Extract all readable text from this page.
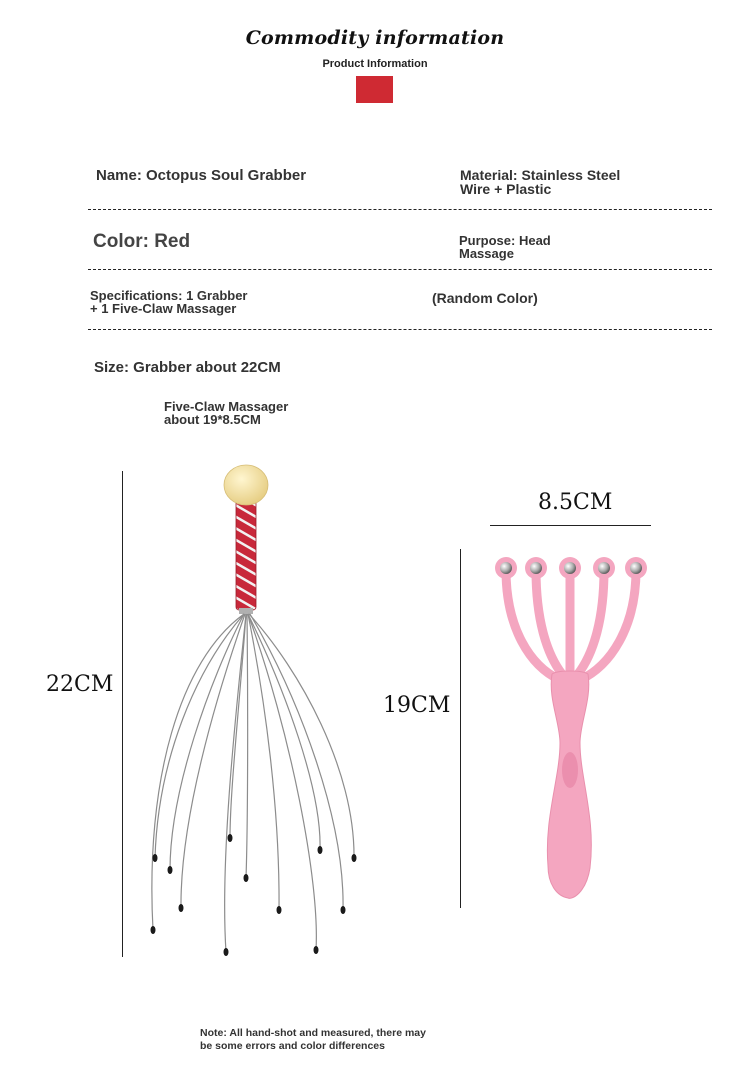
Commodity information
Product Information
Name: Octopus Soul Grabber	Material: Stainless Steel
Wire + Plastic
Color: Red	Purpose: Head
Massage
Specifications: 1 Grabber
+ 1 Five-Claw Massager
(Random Color)
Size: Grabber about 22CM
Five-Claw Massager
about 19*8.5CM
22CM
8.5CM
19CM
Note: All hand-shot and measured, there may
be some errors and color differences
